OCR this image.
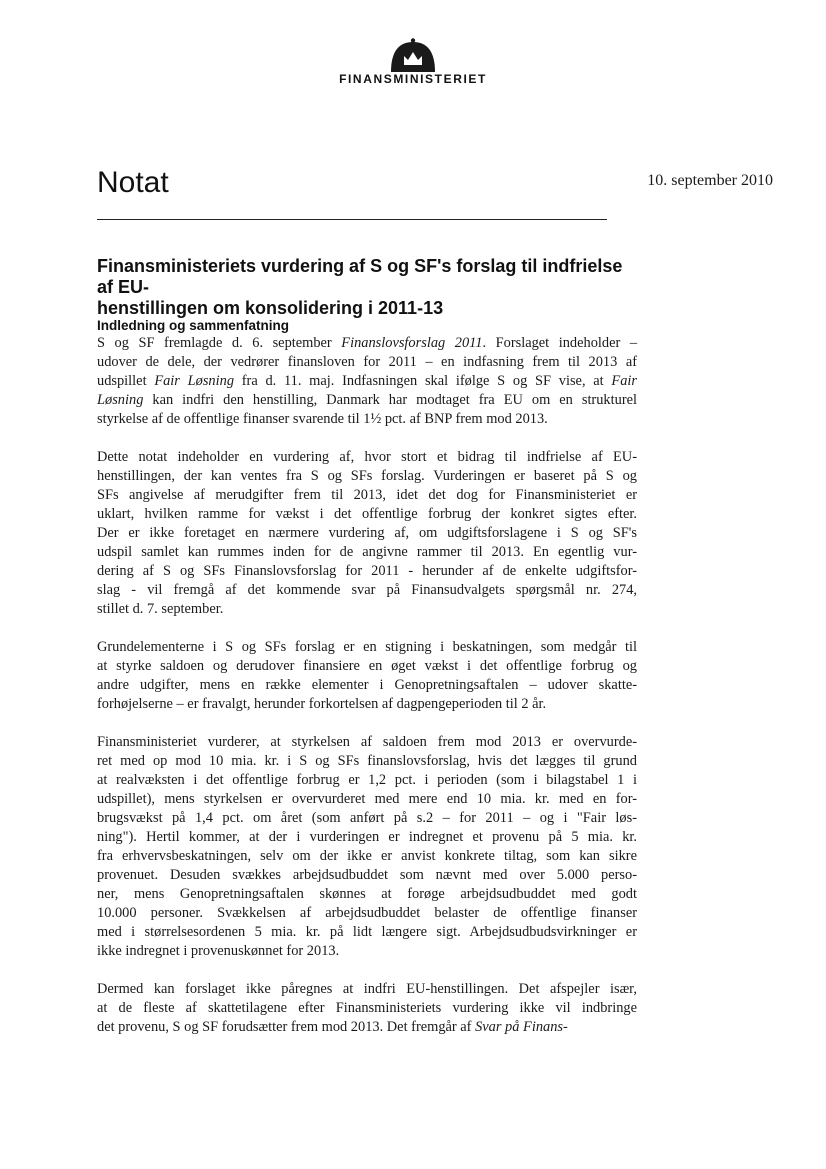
FINANSMINISTERIET
Notat	10. september 2010
Finansministeriets vurdering af S og SF's forslag til indfrielse af EU-
henstillingen om konsolidering i 2011-13
Indledning og sammenfatning
S og SF fremlagde d. 6. september Finanslovsforslag 2011. Forslaget indeholder –
udover de dele, der vedrører finansloven for 2011 – en indfasning frem til 2013 af
udspillet Fair Løsning fra d. 11. maj. Indfasningen skal ifølge S og SF vise, at Fair
Løsning kan indfri den henstilling, Danmark har modtaget fra EU om en strukturel
styrkelse af de offentlige finanser svarende til 1½ pct. af BNP frem mod 2013.
Dette notat indeholder en vurdering af, hvor stort et bidrag til indfrielse af EU-
henstillingen, der kan ventes fra S og SFs forslag. Vurderingen er baseret på S og
SFs angivelse af merudgifter frem til 2013, idet det dog for Finansministeriet er
uklart, hvilken ramme for vækst i det offentlige forbrug der konkret sigtes efter.
Der er ikke foretaget en nærmere vurdering af, om udgiftsforslagene i S og SF's
udspil samlet kan rummes inden for de angivne rammer til 2013. En egentlig vur-
dering af S og SFs Finanslovsforslag for 2011 - herunder af de enkelte udgiftsfor-
slag - vil fremgå af det kommende svar på Finansudvalgets spørgsmål nr. 274,
stillet d. 7. september.
Grundelementerne i S og SFs forslag er en stigning i beskatningen, som medgår til
at styrke saldoen og derudover finansiere en øget vækst i det offentlige forbrug og
andre udgifter, mens en række elementer i Genopretningsaftalen – udover skatte-
forhøjelserne – er fravalgt, herunder forkortelsen af dagpengeperioden til 2 år.
Finansministeriet vurderer, at styrkelsen af saldoen frem mod 2013 er overvurde-
ret med op mod 10 mia. kr. i S og SFs finanslovsforslag, hvis det lægges til grund
at realvæksten i det offentlige forbrug er 1,2 pct. i perioden (som i bilagstabel 1 i
udspillet), mens styrkelsen er overvurderet med mere end 10 mia. kr. med en for-
brugsvækst på 1,4 pct. om året (som anført på s.2 – for 2011 – og i "Fair løs-
ning"). Hertil kommer, at der i vurderingen er indregnet et provenu på 5 mia. kr.
fra erhvervsbeskatningen, selv om der ikke er anvist konkrete tiltag, som kan sikre
provenuet. Desuden svækkes arbejdsudbuddet som nævnt med over 5.000 perso-
ner, mens Genopretningsaftalen skønnes at forøge arbejdsudbuddet med godt
10.000 personer. Svækkelsen af arbejdsudbuddet belaster de offentlige finanser
med i størrelsesordenen 5 mia. kr. på lidt længere sigt. Arbejdsudbudsvirkninger er
ikke indregnet i provenuskønnet for 2013.
Dermed kan forslaget ikke påregnes at indfri EU-henstillingen. Det afspejler især,
at de fleste af skattetilagene efter Finansministeriets vurdering ikke vil indbringe
det provenu, S og SF forudsætter frem mod 2013. Det fremgår af Svar på Finans-
